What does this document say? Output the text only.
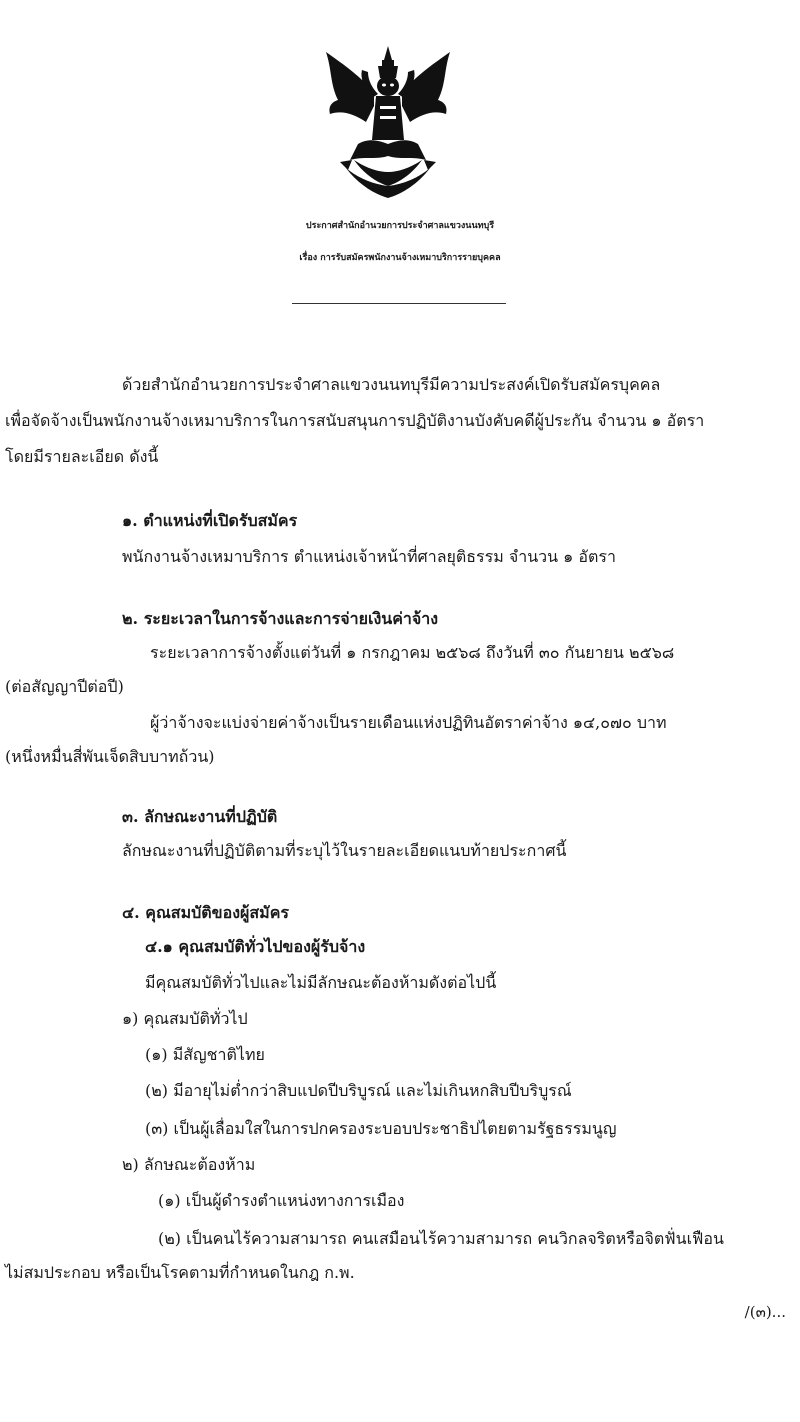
ประกาศสำนักอำนวยการประจำศาลแขวงนนทบุรี
เรื่อง การรับสมัครพนักงานจ้างเหมาบริการรายบุคคล
ด้วยสำนักอำนวยการประจำศาลแขวงนนทบุรีมีความประสงค์เปิดรับสมัครบุคคล
เพื่อจัดจ้างเป็นพนักงานจ้างเหมาบริการในการสนับสนุนการปฏิบัติงานบังคับคดีผู้ประกัน จำนวน ๑ อัตรา
โดยมีรายละเอียด ดังนี้
๑. ตำแหน่งที่เปิดรับสมัคร
พนักงานจ้างเหมาบริการ ตำแหน่งเจ้าหน้าที่ศาลยุติธรรม จำนวน ๑ อัตรา
๒. ระยะเวลาในการจ้างและการจ่ายเงินค่าจ้าง
ระยะเวลาการจ้างตั้งแต่วันที่ ๑ กรกฎาคม ๒๕๖๘ ถึงวันที่ ๓๐ กันยายน ๒๕๖๘
(ต่อสัญญาปีต่อปี)
ผู้ว่าจ้างจะแบ่งจ่ายค่าจ้างเป็นรายเดือนแห่งปฏิทินอัตราค่าจ้าง ๑๔,๐๗๐ บาท
(หนึ่งหมื่นสี่พันเจ็ดสิบบาทถ้วน)
๓. ลักษณะงานที่ปฏิบัติ
ลักษณะงานที่ปฏิบัติตามที่ระบุไว้ในรายละเอียดแนบท้ายประกาศนี้
๔. คุณสมบัติของผู้สมัคร
๔.๑ คุณสมบัติทั่วไปของผู้รับจ้าง
มีคุณสมบัติทั่วไปและไม่มีลักษณะต้องห้ามดังต่อไปนี้
๑) คุณสมบัติทั่วไป
(๑) มีสัญชาติไทย
(๒) มีอายุไม่ต่ำกว่าสิบแปดปีบริบูรณ์ และไม่เกินหกสิบปีบริบูรณ์
(๓) เป็นผู้เลื่อมใสในการปกครองระบอบประชาธิปไตยตามรัฐธรรมนูญ
๒) ลักษณะต้องห้าม
(๑) เป็นผู้ดำรงตำแหน่งทางการเมือง
(๒) เป็นคนไร้ความสามารถ คนเสมือนไร้ความสามารถ คนวิกลจริตหรือจิตฟั่นเฟือน
ไม่สมประกอบ หรือเป็นโรคตามที่กำหนดในกฎ ก.พ.
/(๓)...
